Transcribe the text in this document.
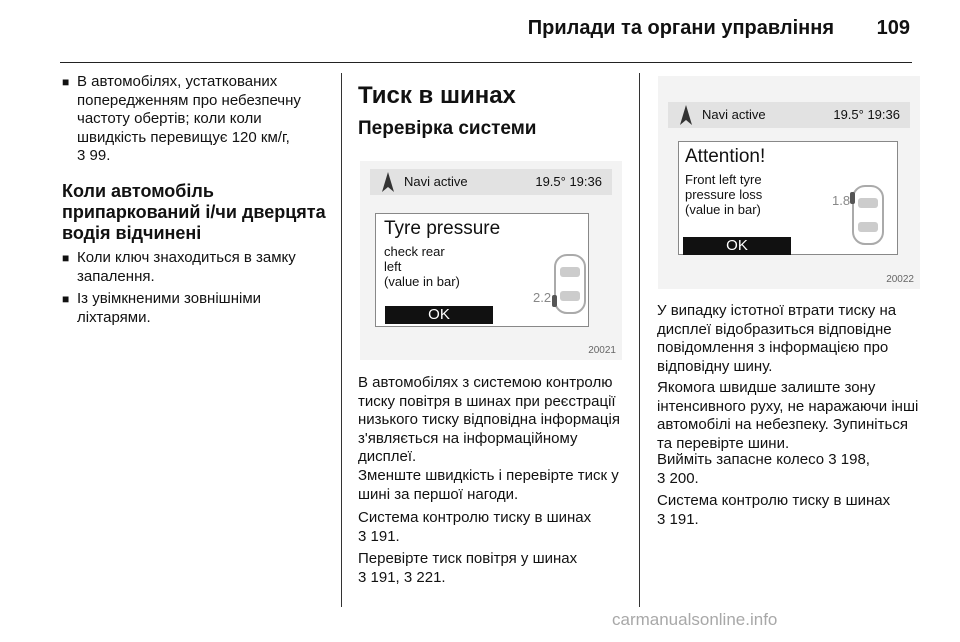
Прилади та органи управління 109
■ В автомобілях, устаткованих попередженням про небезпечну частоту обертів; коли коли швидкість перевищує 120 км/г,
3 99.
Коли автомобіль припаркований і/чи дверцята водія відчинені
■ Коли ключ знаходиться в замку запалення.
■ Із увімкненими зовнішніми ліхтарями.
Тиск в шинах
Перевірка системи
Navi active	19.5° 19:36
Tyre pressure
check rear
left
(value in bar)
2.2
OK
20021

В автомобілях з системою контролю тиску повітря в шинах при реєстрації низького тиску відповідна інформація з'являється на інформаційному дисплеї.

Зменште швидкість і перевірте тиск у шині за першої нагоди.

Система контролю тиску в шинах
3 191.

Перевірте тиск повітря у шинах
3 191, 3 221.

Navi active	19.5° 19:36
Attention!
Front left tyre
pressure loss
(value in bar)
1.8
OK
20022

У випадку істотної втрати тиску на дисплеї відобразиться відповідне повідомлення з інформацією про відповідну шину.

Якомога швидше залиште зону інтенсивного руху, не наражаючи інші автомобілі на небезпеку. Зупиніться та перевірте шини.

Вийміть запасне колесо 3 198,
3 200.

Система контролю тиску в шинах
3 191.

carmanualsonline.info
